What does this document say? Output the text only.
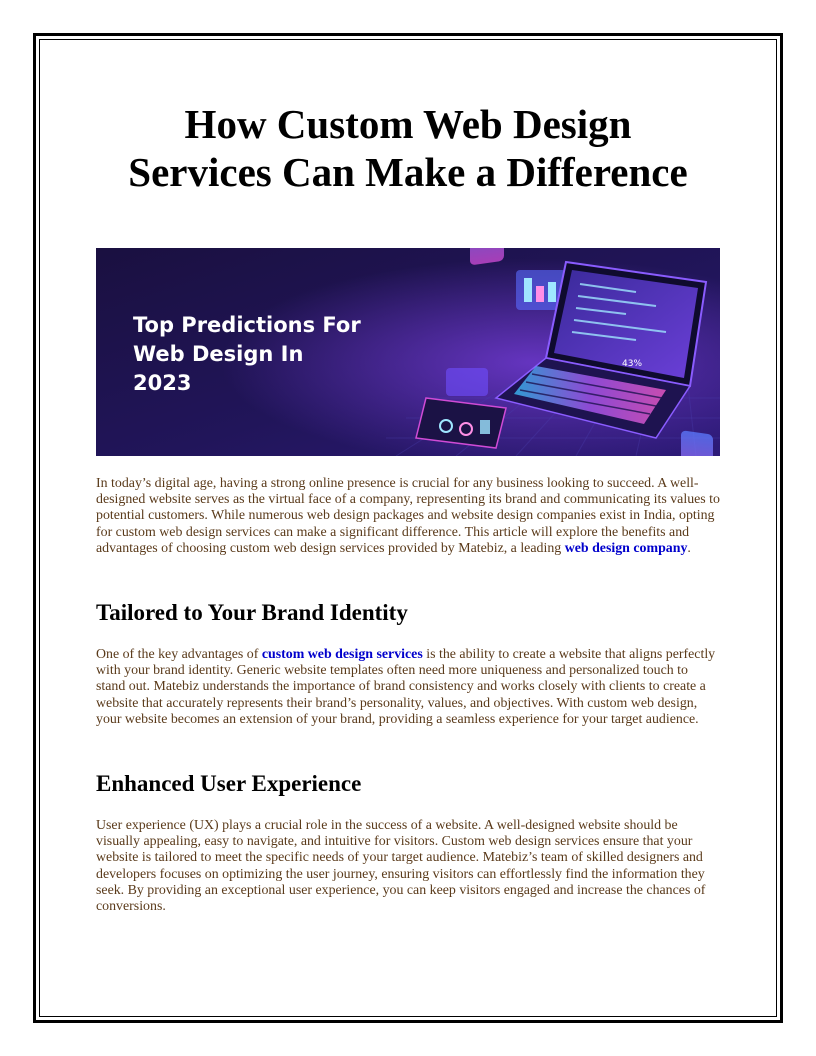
How Custom Web Design
Services Can Make a Difference
43%
Top Predictions For
Web Design In
2023

In today’s digital age, having a strong online presence is crucial for any business looking to succeed. A well-designed website serves as the virtual face of a company, representing its brand and communicating its values to potential customers. While numerous web design packages and website design companies exist in India, opting for custom web design services can make a significant difference. This article will explore the benefits and advantages of choosing custom web design services provided by Matebiz, a leading web design company.

Tailored to Your Brand Identity

One of the key advantages of custom web design services is the ability to create a website that aligns perfectly with your brand identity. Generic website templates often need more uniqueness and personalized touch to stand out. Matebiz understands the importance of brand consistency and works closely with clients to create a website that accurately represents their brand’s personality, values, and objectives. With custom web design, your website becomes an extension of your brand, providing a seamless experience for your target audience.

Enhanced User Experience

User experience (UX) plays a crucial role in the success of a website. A well-designed website should be visually appealing, easy to navigate, and intuitive for visitors. Custom web design services ensure that your website is tailored to meet the specific needs of your target audience. Matebiz’s team of skilled designers and developers focuses on optimizing the user journey, ensuring visitors can effortlessly find the information they seek. By providing an exceptional user experience, you can keep visitors engaged and increase the chances of conversions.
